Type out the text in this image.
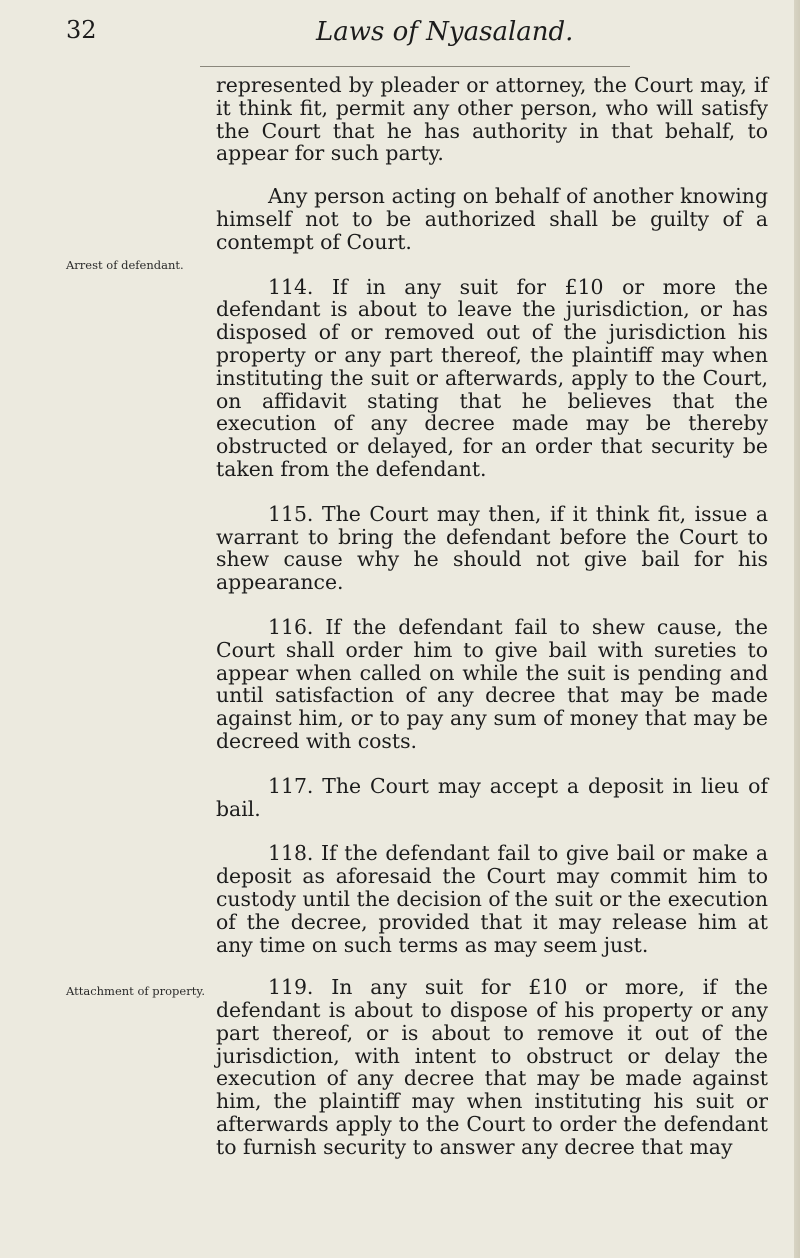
32	Laws of Nyasaland.
Arrest of defendant.
Attachment of property.

represented by pleader or attorney, the Court may, if it think fit, permit any other person, who will satisfy the Court that he has authority in that behalf, to appear for such party.

Any person acting on behalf of another knowing himself not to be authorized shall be guilty of a contempt of Court.

114. If in any suit for £10 or more the defendant is about to leave the jurisdiction, or has disposed of or removed out of the jurisdiction his property or any part thereof, the plaintiff may when instituting the suit or afterwards, apply to the Court, on affidavit stating that he believes that the execution of any decree made may be thereby obstructed or delayed, for an order that security be taken from the defendant.

115. The Court may then, if it think fit, issue a warrant to bring the defendant before the Court to shew cause why he should not give bail for his appearance.

116. If the defendant fail to shew cause, the Court shall order him to give bail with sureties to appear when called on while the suit is pending and until satisfaction of any decree that may be made against him, or to pay any sum of money that may be decreed with costs.

117. The Court may accept a deposit in lieu of bail.

118. If the defendant fail to give bail or make a deposit as aforesaid the Court may commit him to custody until the decision of the suit or the execution of the decree, provided that it may release him at any time on such terms as may seem just.

119. In any suit for £10 or more, if the defendant is about to dispose of his property or any part thereof, or is about to remove it out of the jurisdiction, with intent to obstruct or delay the execution of any decree that may be made against him, the plaintiff may when instituting his suit or afterwards apply to the Court to order the defendant to furnish security to answer any decree that may
